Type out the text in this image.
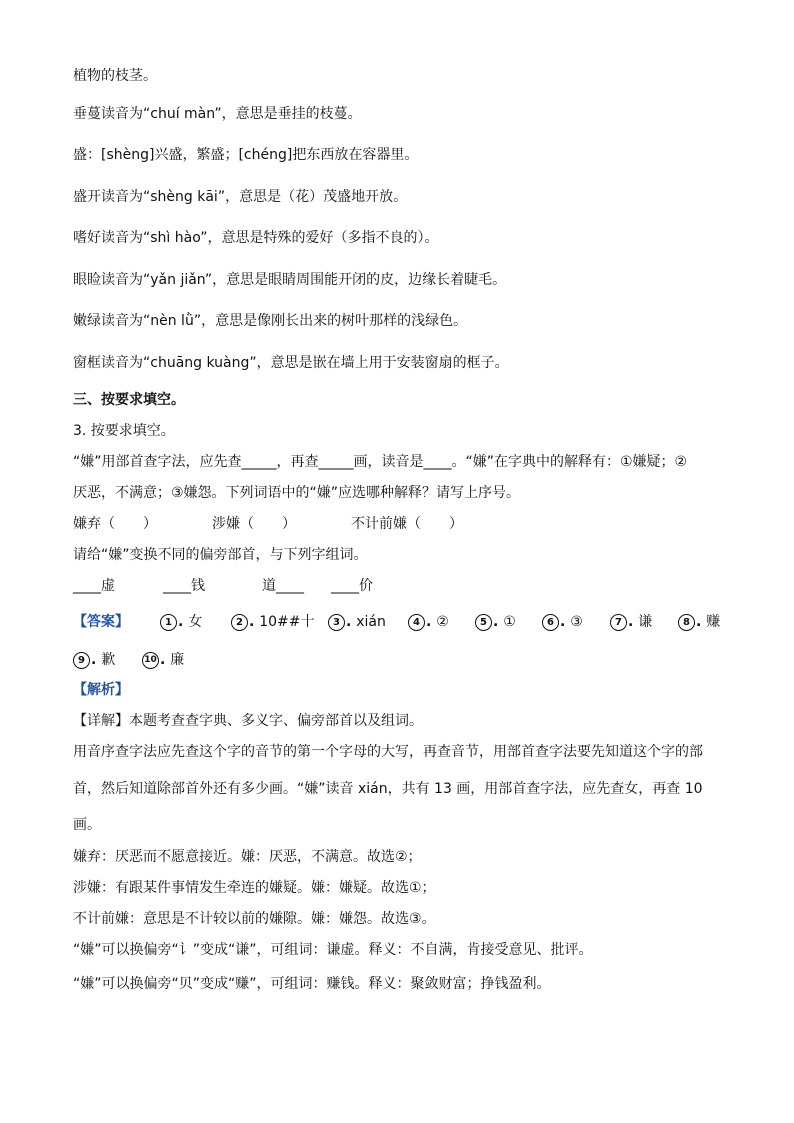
植物的枝茎。
垂蔓读音为“chuí màn”，意思是垂挂的枝蔓。
盛：[shèng]兴盛，繁盛；[chéng]把东西放在容器里。
盛开读音为“shèng kāi”，意思是（花）茂盛地开放。
嗜好读音为“shì hào”，意思是特殊的爱好（多指不良的）。
眼睑读音为“yǎn jiǎn”，意思是眼睛周围能开闭的皮，边缘长着睫毛。
嫩绿读音为“nèn lǜ”，意思是像刚长出来的树叶那样的浅绿色。
窗框读音为“chuāng kuàng”，意思是嵌在墙上用于安装窗扇的框子。
三、按要求填空。
3. 按要求填空。
“嫌”用部首查字法，应先查_____，再查_____画，读音是____。“嫌”在字典中的解释有：①嫌疑；②
厌恶，不满意；③嫌怨。下列词语中的“嫌”应选哪种解释？请写上序号。
嫌弃（　　）	涉嫌（　　）	不计前嫌（　　）
请给“嫌”变换不同的偏旁部首，与下列字组词。
____虚	____钱	道____ ____价
【答案】	1 . 女	2 . 10##十	3 . xián	4 . ②	5 . ①	6 . ③	7 . 谦	8 . 赚
9 . 歉	10 . 廉
【解析】
【详解】本题考查查字典、多义字、偏旁部首以及组词。
用音序查字法应先查这个字的音节的第一个字母的大写，再查音节，用部首查字法要先知道这个字的部
首，然后知道除部首外还有多少画。“嫌”读音 xián，共有 13 画，用部首查字法，应先查女，再查 10
画。
嫌弃：厌恶而不愿意接近。嫌：厌恶，不满意。故选②；
涉嫌：有跟某件事情发生牵连的嫌疑。嫌：嫌疑。故选①；
不计前嫌：意思是不计较以前的嫌隙。嫌：嫌怨。故选③。
“嫌”可以换偏旁“讠”变成“谦”，可组词：谦虚。释义：不自满，肯接受意见、批评。
“嫌”可以换偏旁“贝”变成“赚”，可组词：赚钱。释义：聚敛财富；挣钱盈利。
